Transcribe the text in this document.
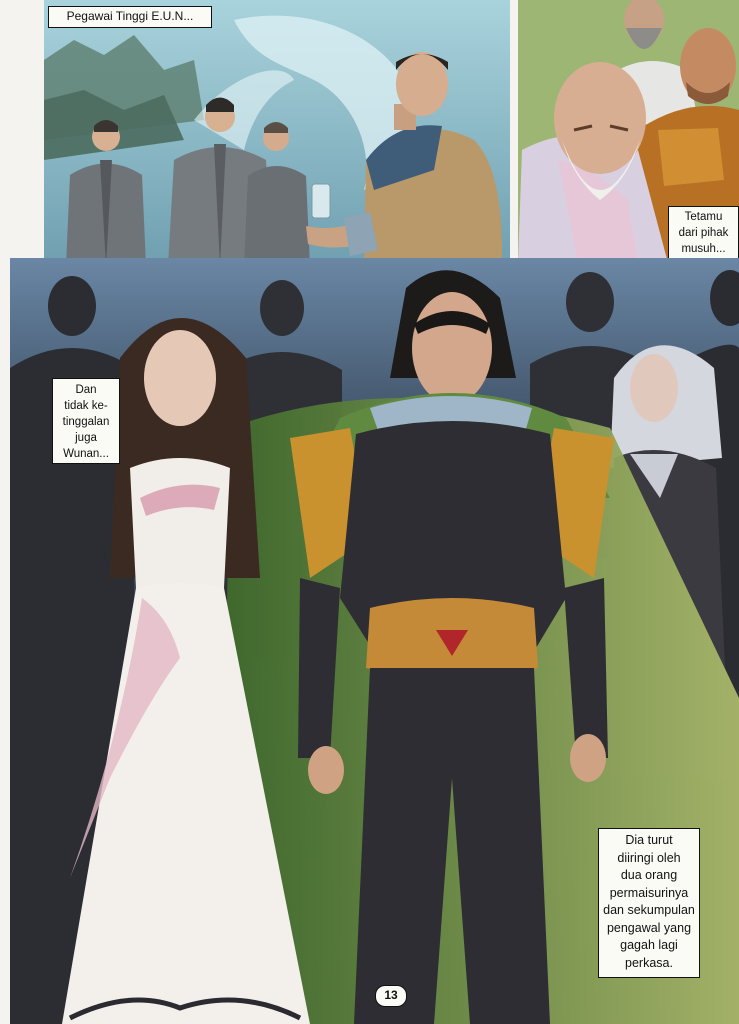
Pegawai Tinggi E.U.N...
Tetamu
dari pihak
musuh...
Dan
tidak ke-
tinggalan
juga
Wunan...
Dia turut
diiringi oleh
dua orang
permaisurinya
dan sekumpulan
pengawal yang
gagah lagi
perkasa.
13
